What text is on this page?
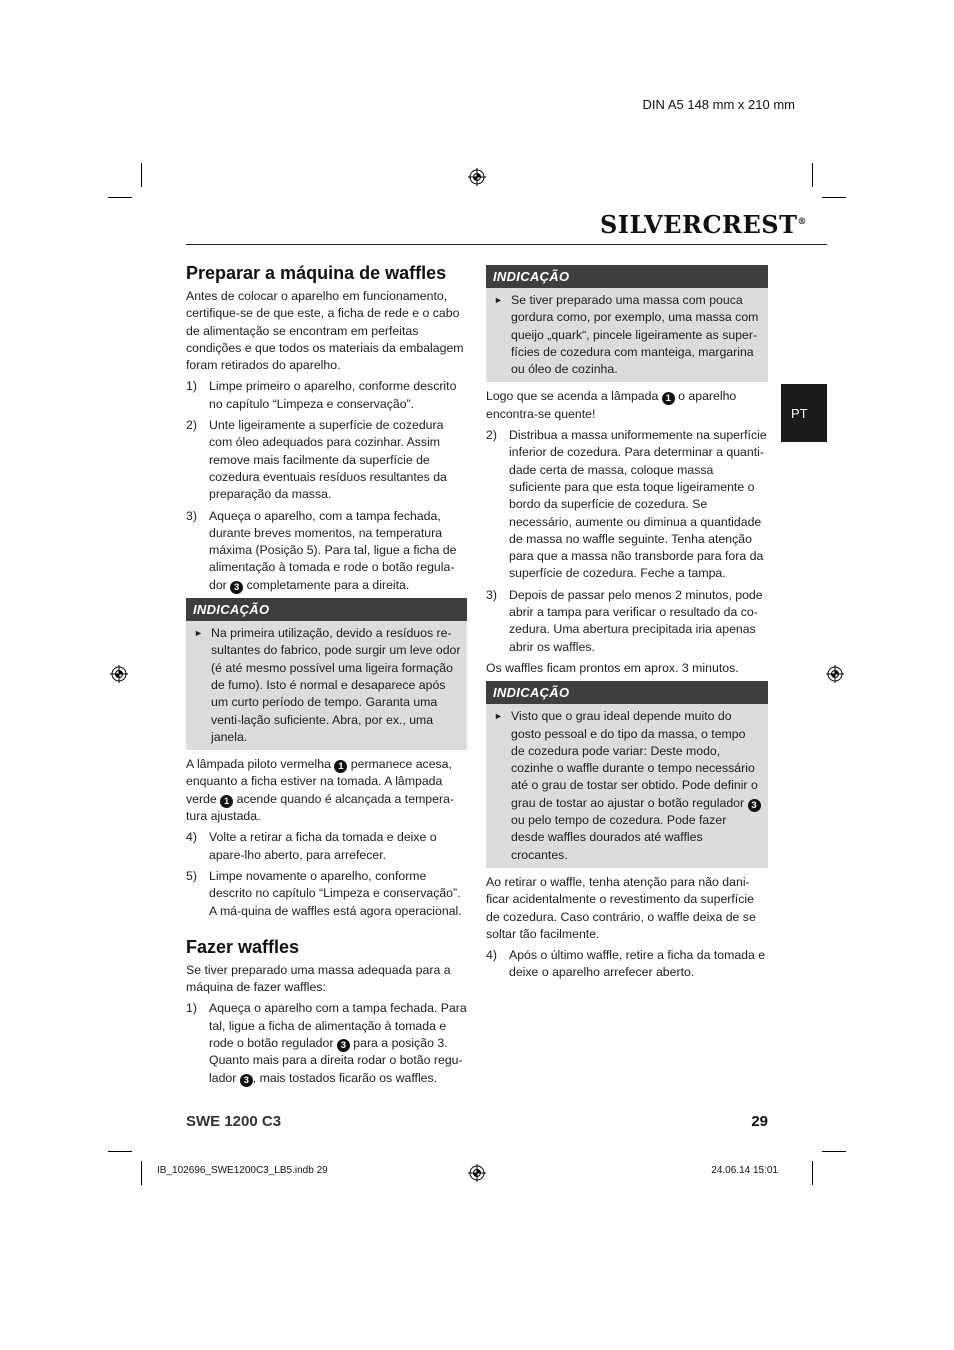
DIN A5 148 mm x 210 mm
SILVERCREST®
PT
Preparar a máquina de waffles

Antes de colocar o aparelho em funcionamento, certifique-se de que este, a ficha de rede e o cabo de alimentação se encontram em perfeitas condições e que todos os materiais da embalagem foram retirados do aparelho.

1) Limpe primeiro o aparelho, conforme descrito no capítulo “Limpeza e conservação”.
2) Unte ligeiramente a superfície de cozedura com óleo adequados para cozinhar. Assim remove mais facilmente da superfície de cozedura eventuais resíduos resultantes da preparação da massa.
3) Aqueça o aparelho, com a tampa fechada, durante breves momentos, na temperatura máxima (Posição 5). Para tal, ligue a ficha de alimentação à tomada e rode o botão regula-dor 3 completamente para a direita.
INDICAÇÃO
► Na primeira utilização, devido a resíduos re-sultantes do fabrico, pode surgir um leve odor (é até mesmo possível uma ligeira formação de fumo). Isto é normal e desaparece após um curto período de tempo. Garanta uma venti-lação suficiente. Abra, por ex., uma janela.

A lâmpada piloto vermelha 1 permanece acesa, enquanto a ficha estiver na tomada. A lâmpada verde 1 acende quando é alcançada a tempera-tura ajustada.

4) Volte a retirar a ficha da tomada e deixe o apare-lho aberto, para arrefecer.
5) Limpe novamente o aparelho, conforme descrito no capítulo “Limpeza e conservação”. A má-quina de waffles está agora operacional.
Fazer waffles

Se tiver preparado uma massa adequada para a máquina de fazer waffles:

1) Aqueça o aparelho com a tampa fechada. Para tal, ligue a ficha de alimentação à tomada e rode o botão regulador 3 para a posição 3. Quanto mais para a direita rodar o botão regu-lador 3 , mais tostados ficarão os waffles.
INDICAÇÃO
► Se tiver preparado uma massa com pouca gordura como, por exemplo, uma massa com queijo „quark“, pincele ligeiramente as super-fícies de cozedura com manteiga, margarina ou óleo de cozinha.

Logo que se acenda a lâmpada 1 o aparelho encontra-se quente!

2) Distribua a massa uniformemente na superfície inferior de cozedura. Para determinar a quanti-dade certa de massa, coloque massa suficiente para que esta toque ligeiramente o bordo da superfície de cozedura. Se necessário, aumente ou diminua a quantidade de massa no waffle seguinte. Tenha atenção para que a massa não transborde para fora da superfície de cozedura. Feche a tampa.
3) Depois de passar pelo menos 2 minutos, pode abrir a tampa para verificar o resultado da co-zedura. Uma abertura precipitada iria apenas abrir os waffles.

Os waffles ficam prontos em aprox. 3 minutos.

INDICAÇÃO
► Visto que o grau ideal depende muito do gosto pessoal e do tipo da massa, o tempo de cozedura pode variar: Deste modo, cozinhe o waffle durante o tempo necessário até o grau de tostar ser obtido. Pode definir o grau de tostar ao ajustar o botão regulador 3 ou pelo tempo de cozedura. Pode fazer desde waffles dourados até waffles crocantes.

Ao retirar o waffle, tenha atenção para não dani-ficar acidentalmente o revestimento da superfície de cozedura. Caso contrário, o waffle deixa de se soltar tão facilmente.

4) Após o último waffle, retire a ficha da tomada e deixe o aparelho arrefecer aberto.
SWE 1200 C3	29
IB_102696_SWE1200C3_LB5.indb 29	24.06.14 15:01
